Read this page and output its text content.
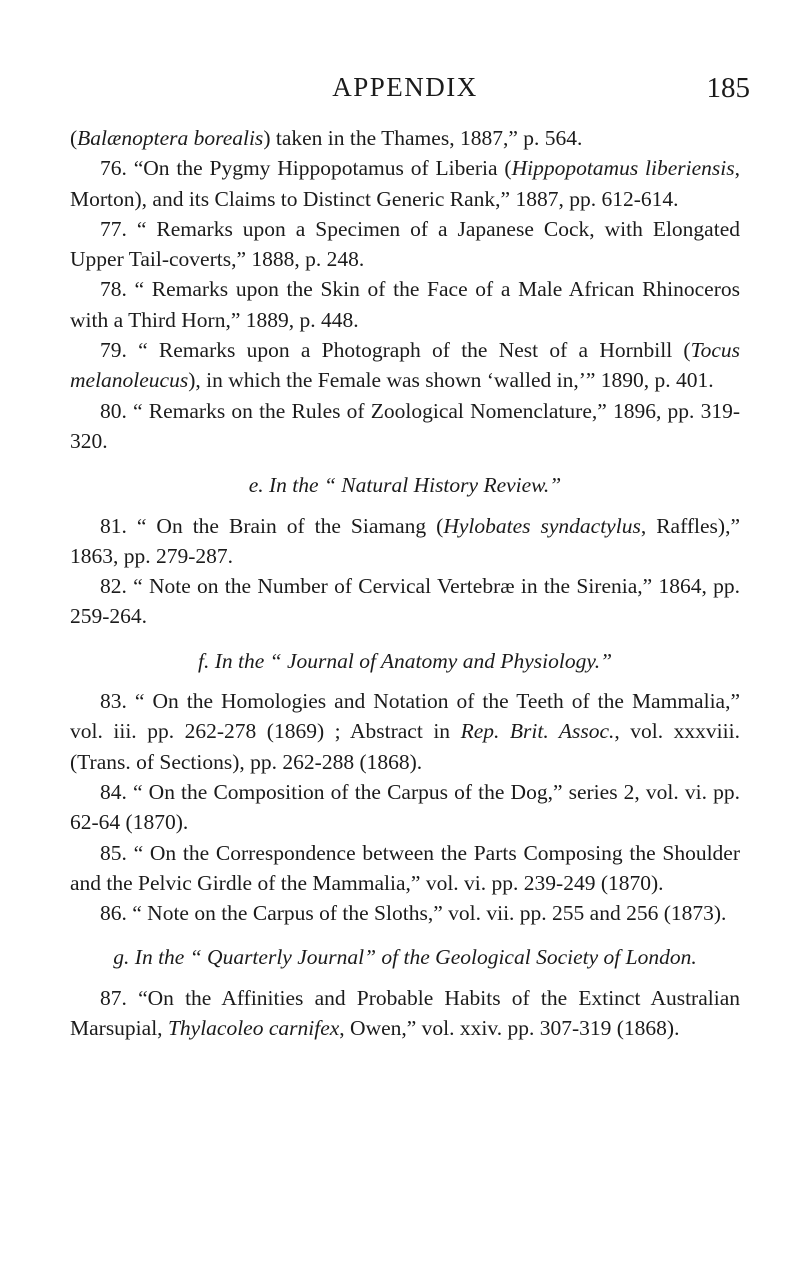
APPENDIX	185

(Balænoptera borealis) taken in the Thames, 1887,” p. 564.

76. “On the Pygmy Hippopotamus of Liberia (Hippopotamus liberiensis, Morton), and its Claims to Distinct Generic Rank,” 1887, pp. 612-614.

77. “ Remarks upon a Specimen of a Japanese Cock, with Elongated Upper Tail-coverts,” 1888, p. 248.

78. “ Remarks upon the Skin of the Face of a Male African Rhinoceros with a Third Horn,” 1889, p. 448.

79. “ Remarks upon a Photograph of the Nest of a Hornbill (Tocus melanoleucus), in which the Female was shown ‘walled in,’” 1890, p. 401.

80. “ Remarks on the Rules of Zoological Nomenclature,” 1896, pp. 319-320.

e. In the “ Natural History Review.”

81. “ On the Brain of the Siamang (Hylobates syndactylus, Raffles),” 1863, pp. 279-287.

82. “ Note on the Number of Cervical Vertebræ in the Sirenia,” 1864, pp. 259-264.

f. In the “ Journal of Anatomy and Physiology.”

83. “ On the Homologies and Notation of the Teeth of the Mammalia,” vol. iii. pp. 262-278 (1869) ; Abstract in Rep. Brit. Assoc., vol. xxxviii. (Trans. of Sections), pp. 262-288 (1868).

84. “ On the Composition of the Carpus of the Dog,” series 2, vol. vi. pp. 62-64 (1870).

85. “ On the Correspondence between the Parts Composing the Shoulder and the Pelvic Girdle of the Mammalia,” vol. vi. pp. 239-249 (1870).

86. “ Note on the Carpus of the Sloths,” vol. vii. pp. 255 and 256 (1873).

g. In the “ Quarterly Journal” of the Geological Society of London.

87. “On the Affinities and Probable Habits of the Extinct Australian Marsupial, Thylacoleo carnifex, Owen,” vol. xxiv. pp. 307-319 (1868).
